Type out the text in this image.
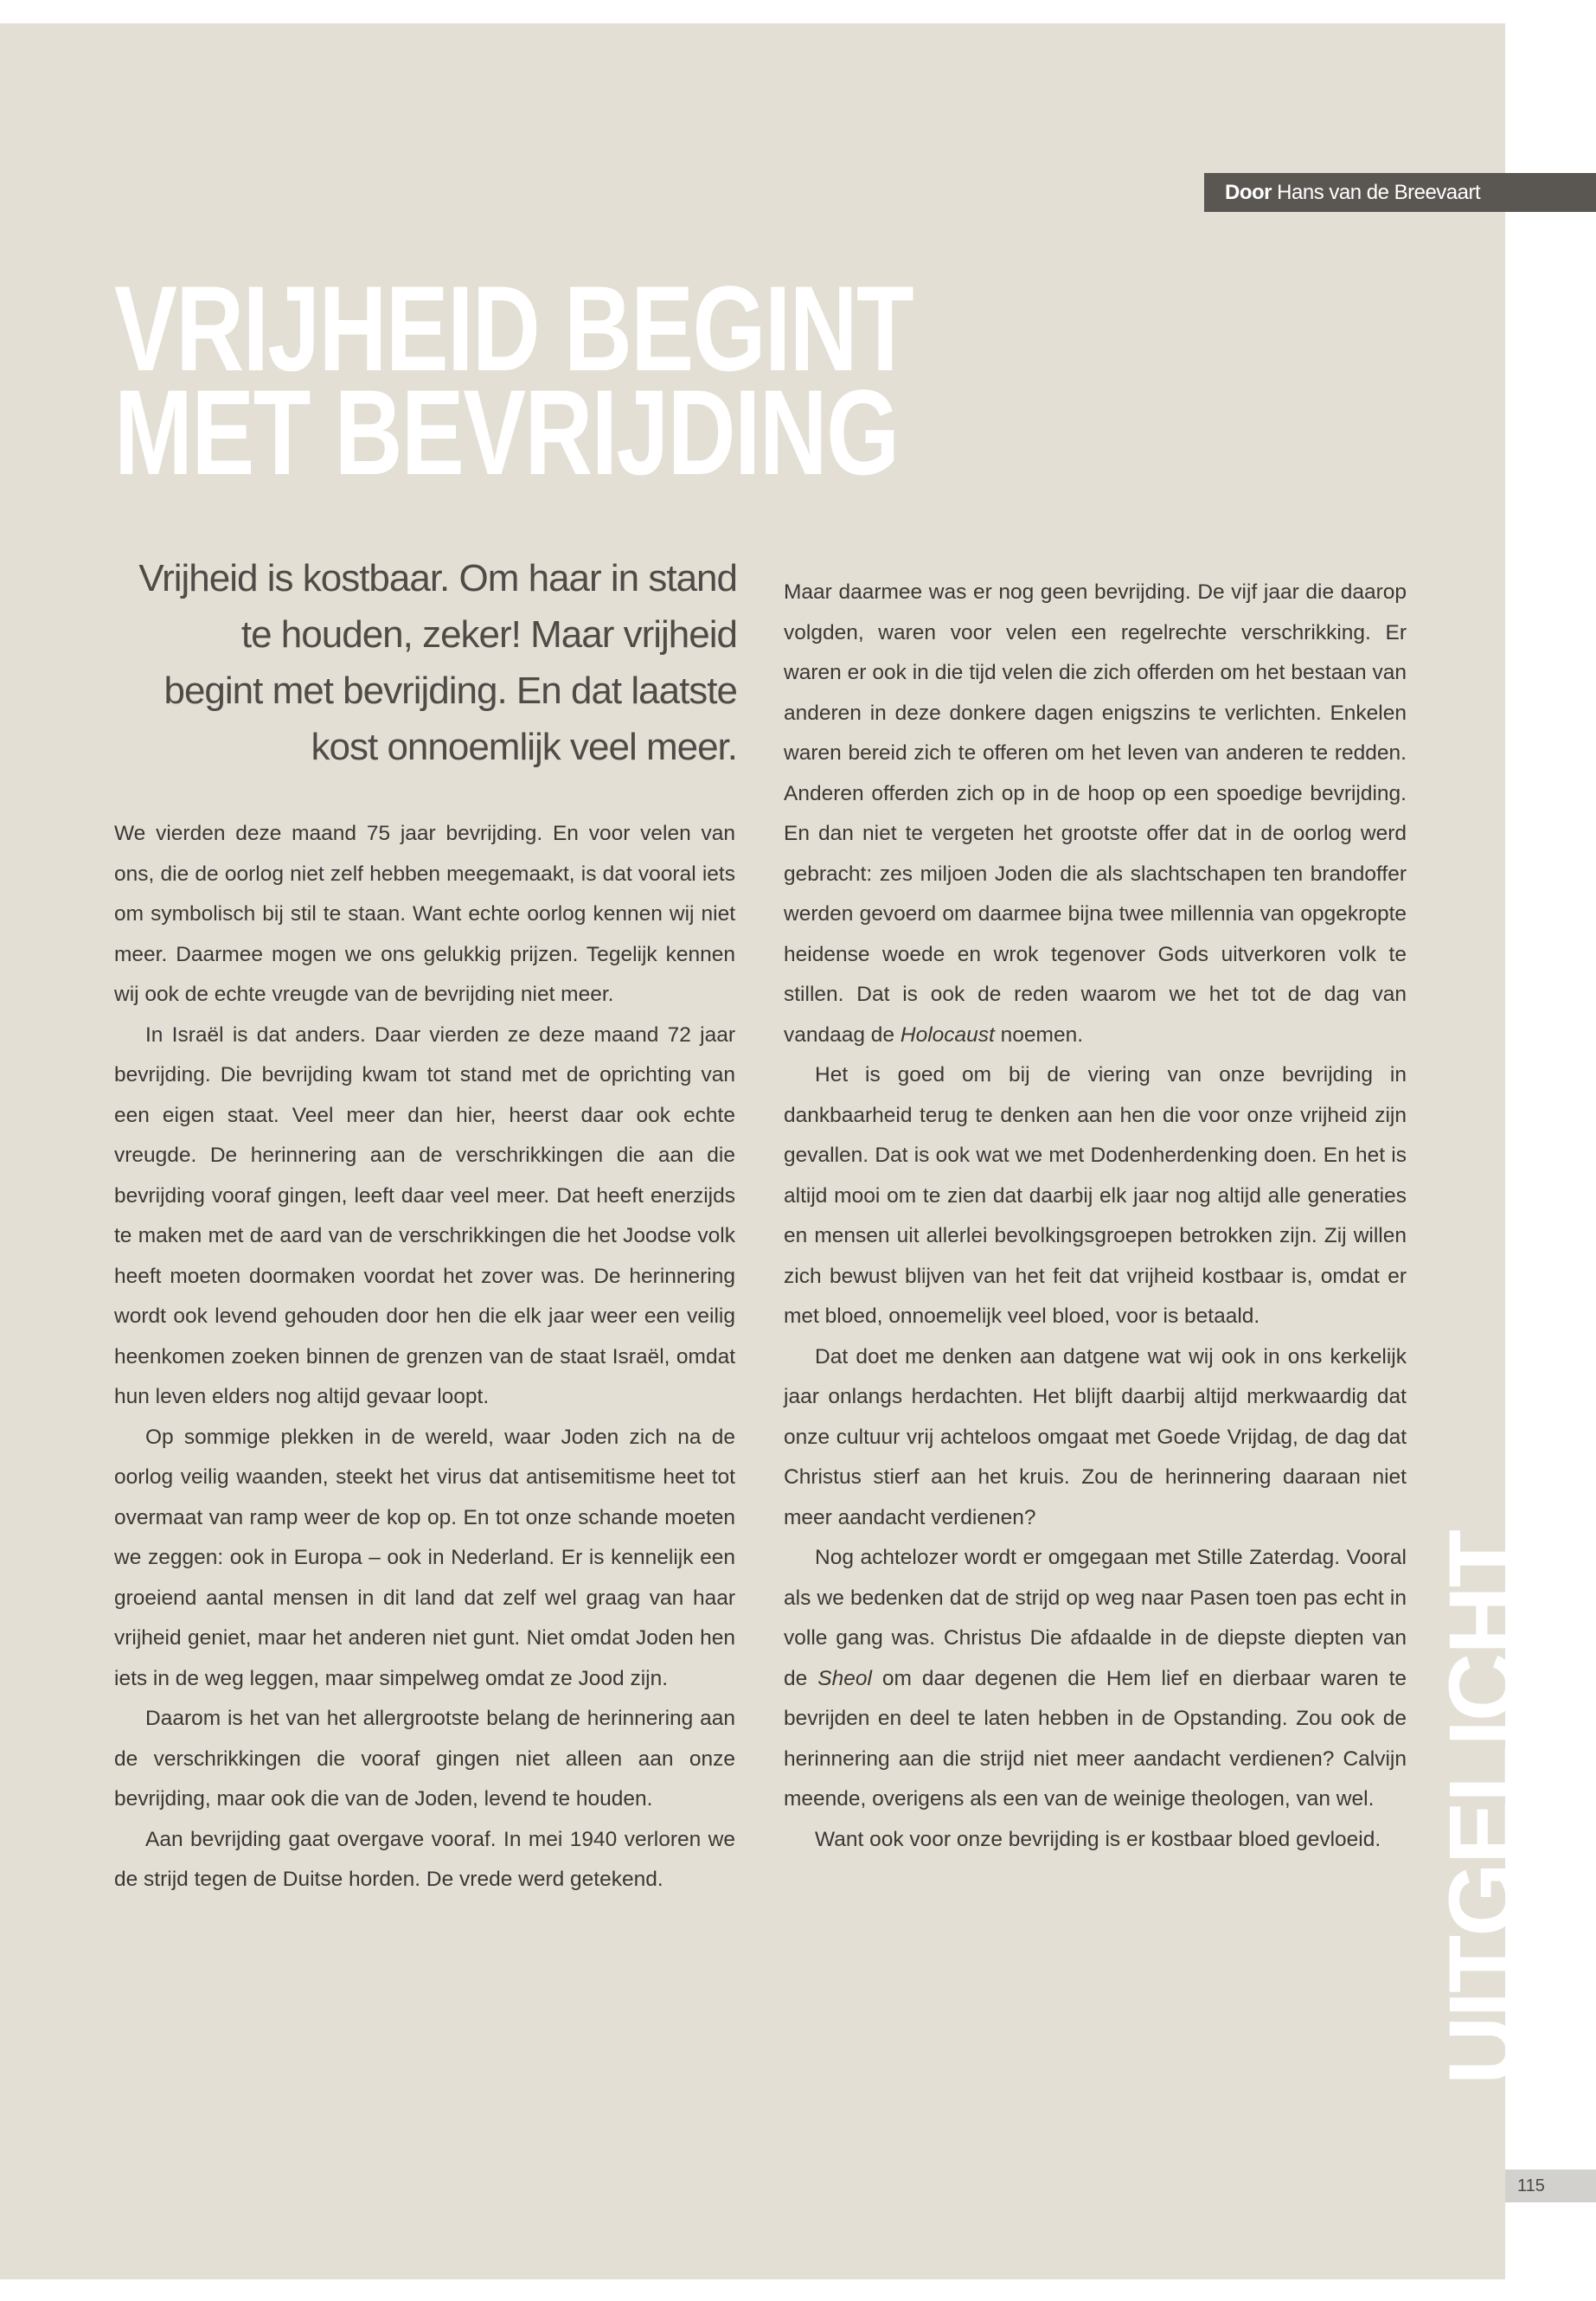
Door Hans van de Breevaart
VRIJHEID BEGINT
MET BEVRIJDING
Vrijheid is kostbaar. Om haar in stand te houden, zeker! Maar vrijheid begint met bevrijding. En dat laatste kost onnoemlijk veel meer.

We vierden deze maand 75 jaar bevrijding. En voor velen van ons, die de oorlog niet zelf hebben meegemaakt, is dat vooral iets om symbolisch bij stil te staan. Want echte oorlog kennen wij niet meer. Daarmee mogen we ons gelukkig prijzen. Tegelijk kennen wij ook de echte vreugde van de bevrijding niet meer.

In Israël is dat anders. Daar vierden ze deze maand 72 jaar bevrijding. Die bevrijding kwam tot stand met de oprichting van een eigen staat. Veel meer dan hier, heerst daar ook echte vreugde. De herinnering aan de verschrikkingen die aan die bevrijding vooraf gingen, leeft daar veel meer. Dat heeft enerzijds te maken met de aard van de verschrikkingen die het Joodse volk heeft moeten doormaken voordat het zover was. De herinnering wordt ook levend gehouden door hen die elk jaar weer een veilig heenkomen zoeken binnen de grenzen van de staat Israël, omdat hun leven elders nog altijd gevaar loopt.

Op sommige plekken in de wereld, waar Joden zich na de oorlog veilig waanden, steekt het virus dat antisemitisme heet tot overmaat van ramp weer de kop op. En tot onze schande moeten we zeggen: ook in Europa – ook in Nederland. Er is kennelijk een groeiend aantal mensen in dit land dat zelf wel graag van haar vrijheid geniet, maar het anderen niet gunt. Niet omdat Joden hen iets in de weg leggen, maar simpelweg omdat ze Jood zijn.

Daarom is het van het allergrootste belang de herinnering aan de verschrikkingen die vooraf gingen niet alleen aan onze bevrijding, maar ook die van de Joden, levend te houden.

Aan bevrijding gaat overgave vooraf. In mei 1940 verloren we de strijd tegen de Duitse horden. De vrede werd getekend.

Maar daarmee was er nog geen bevrijding. De vijf jaar die daarop volgden, waren voor velen een regelrechte verschrikking. Er waren er ook in die tijd velen die zich offerden om het bestaan van anderen in deze donkere dagen enigszins te verlichten. Enkelen waren bereid zich te offeren om het leven van anderen te redden. Anderen offerden zich op in de hoop op een spoedige bevrijding. En dan niet te vergeten het grootste offer dat in de oorlog werd gebracht: zes miljoen Joden die als slachtschapen ten brandoffer werden gevoerd om daarmee bijna twee millennia van opgekropte heidense woede en wrok tegenover Gods uitverkoren volk te stillen. Dat is ook de reden waarom we het tot de dag van vandaag de Holocaust noemen.

Het is goed om bij de viering van onze bevrijding in dankbaarheid terug te denken aan hen die voor onze vrijheid zijn gevallen. Dat is ook wat we met Dodenherdenking doen. En het is altijd mooi om te zien dat daarbij elk jaar nog altijd alle generaties en mensen uit allerlei bevolkingsgroepen betrokken zijn. Zij willen zich bewust blijven van het feit dat vrijheid kostbaar is, omdat er met bloed, onnoemelijk veel bloed, voor is betaald.

Dat doet me denken aan datgene wat wij ook in ons kerkelijk jaar onlangs herdachten. Het blijft daarbij altijd merkwaardig dat onze cultuur vrij achteloos omgaat met Goede Vrijdag, de dag dat Christus stierf aan het kruis. Zou de herinnering daaraan niet meer aandacht verdienen?

Nog achtelozer wordt er omgegaan met Stille Zaterdag. Vooral als we bedenken dat de strijd op weg naar Pasen toen pas echt in volle gang was. Christus Die afdaalde in de diepste diepten van de Sheol om daar degenen die Hem lief en dierbaar waren te bevrijden en deel te laten hebben in de Opstanding. Zou ook de herinnering aan die strijd niet meer aandacht verdienen? Calvijn meende, overigens als een van de weinige theologen, van wel.

Want ook voor onze bevrijding is er kostbaar bloed gevloeid. UITGELICHT
115
